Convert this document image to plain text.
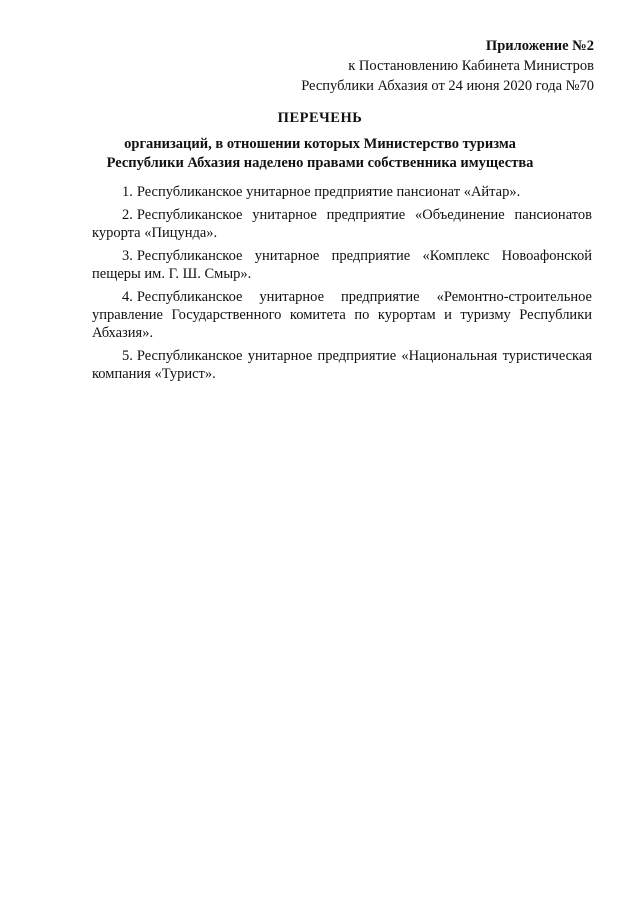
Приложение №2
к Постановлению Кабинета Министров
Республики Абхазия от 24 июня 2020 года №70
ПЕРЕЧЕНЬ
организаций, в отношении которых Министерство туризма
Республики Абхазия наделено правами собственника имущества

1. Республиканское унитарное предприятие пансионат «Айтар».

2. Республиканское унитарное предприятие «Объединение пансионатов курорта «Пицунда».

3. Республиканское унитарное предприятие «Комплекс Новоафонской пещеры им. Г. Ш. Смыр».

4. Республиканское унитарное предприятие «Ремонтно-строительное управление Государственного комитета по курортам и туризму Республики Абхазия».

5. Республиканское унитарное предприятие «Национальная туристическая компания «Турист».
